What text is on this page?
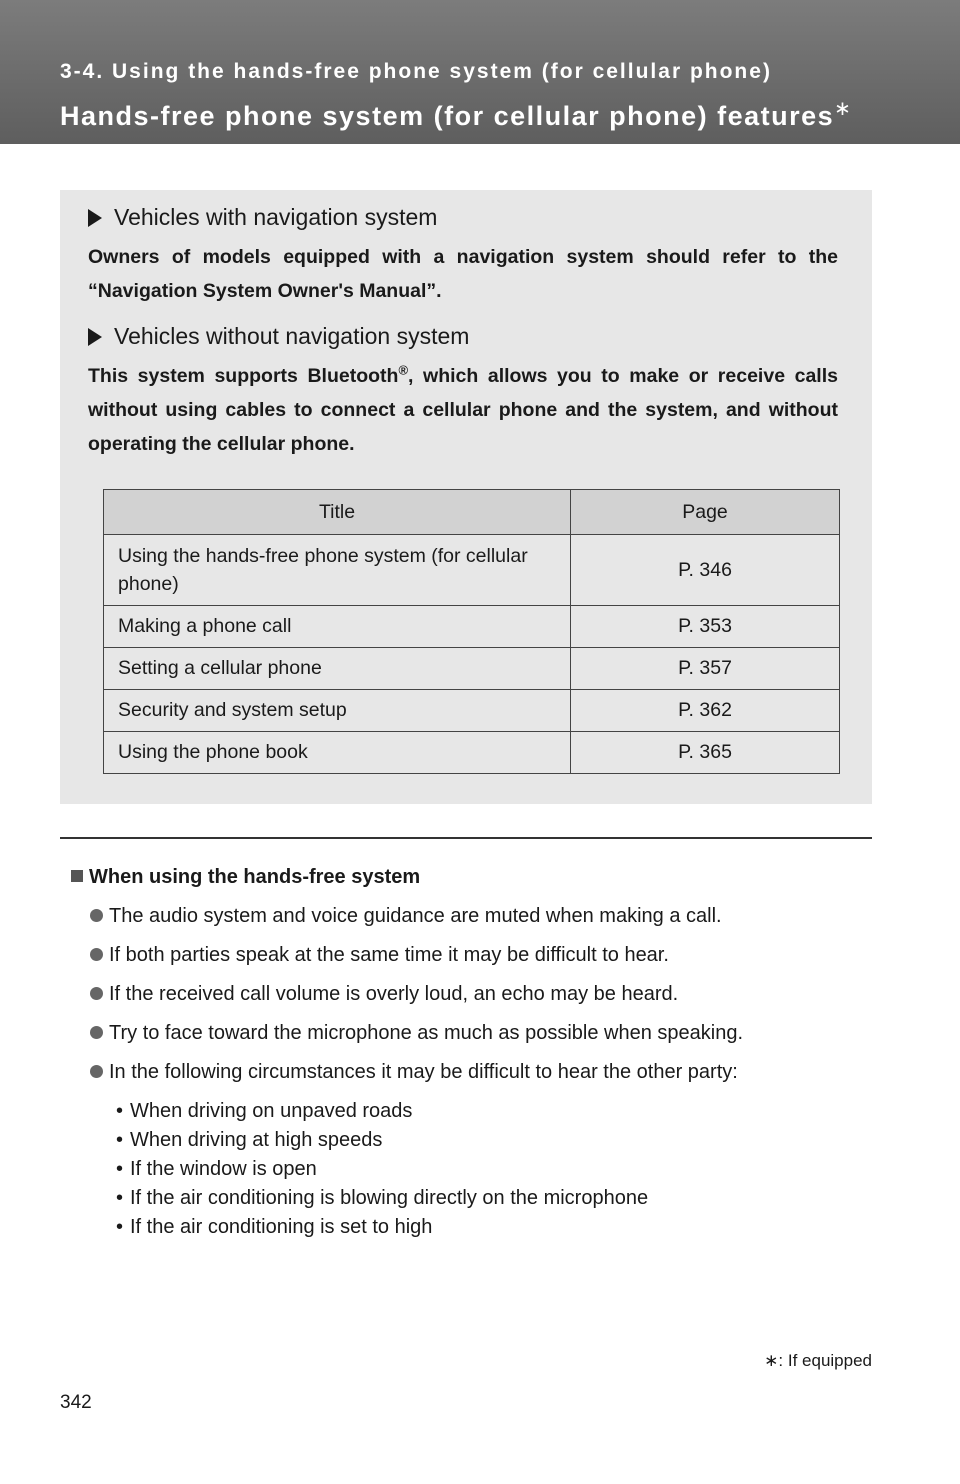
3-4. Using the hands-free phone system (for cellular phone)
Hands-free phone system (for cellular phone) features∗
Vehicles with navigation system
Owners of models equipped with a navigation system should refer to the “Navigation System Owner's Manual”.
Vehicles without navigation system
This system supports Bluetooth®, which allows you to make or receive calls without using cables to connect a cellular phone and the system, and without operating the cellular phone.
Title	Page
Using the hands-free phone system (for cellular phone)	P. 346
Making a phone call	P. 353
Setting a cellular phone	P. 357
Security and system setup	P. 362
Using the phone book	P. 365
When using the hands-free system
The audio system and voice guidance are muted when making a call.
If both parties speak at the same time it may be difficult to hear.
If the received call volume is overly loud, an echo may be heard.
Try to face toward the microphone as much as possible when speaking.
In the following circumstances it may be difficult to hear the other party:
• When driving on unpaved roads
• When driving at high speeds
• If the window is open
• If the air conditioning is blowing directly on the microphone
• If the air conditioning is set to high
∗: If equipped
342
